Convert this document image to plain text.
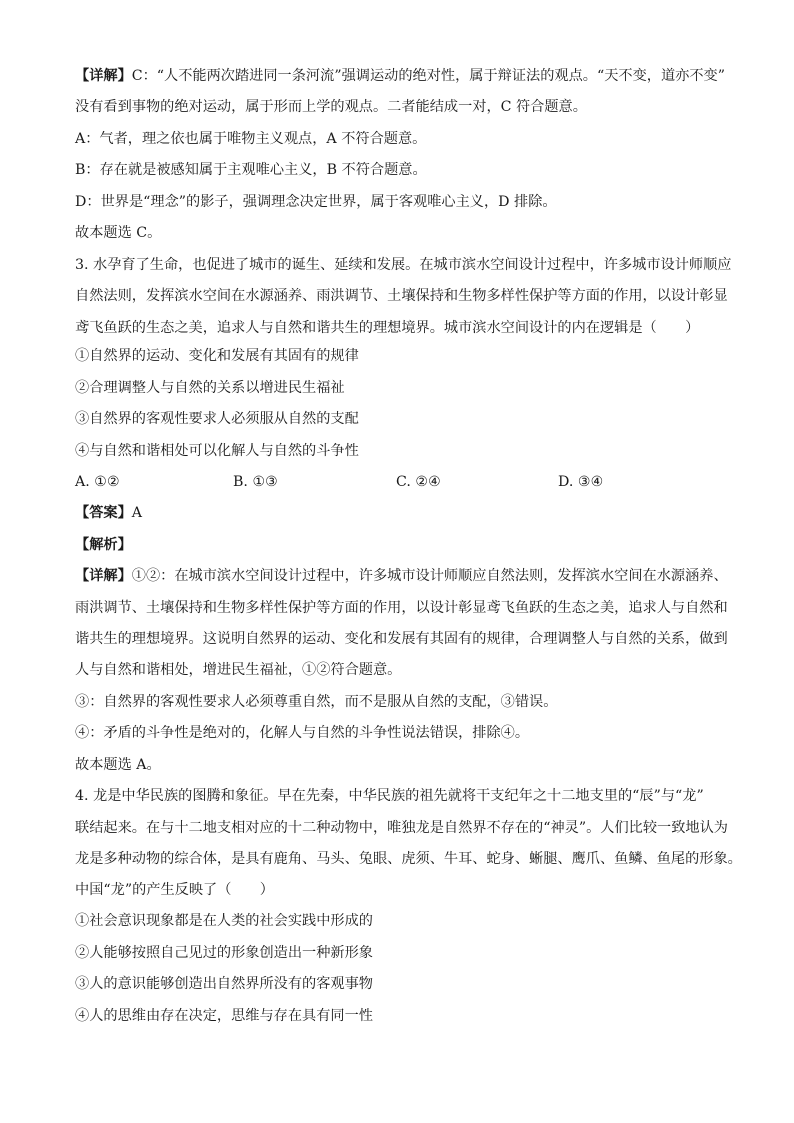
【详解】C：“人不能两次踏进同一条河流”强调运动的绝对性，属于辩证法的观点。“天不变，道亦不变”
没有看到事物的绝对运动，属于形而上学的观点。二者能结成一对，C 符合题意。
A：气者，理之依也属于唯物主义观点，A 不符合题意。
B：存在就是被感知属于主观唯心主义，B 不符合题意。
D：世界是“理念”的影子，强调理念决定世界，属于客观唯心主义，D 排除。
故本题选 C。
3. 水孕育了生命，也促进了城市的诞生、延续和发展。在城市滨水空间设计过程中，许多城市设计师顺应
自然法则，发挥滨水空间在水源涵养、雨洪调节、土壤保持和生物多样性保护等方面的作用，以设计彰显
鸢飞鱼跃的生态之美，追求人与自然和谐共生的理想境界。城市滨水空间设计的内在逻辑是（　　）
①自然界的运动、变化和发展有其固有的规律
②合理调整人与自然的关系以增进民生福祉
③自然界的客观性要求人必须服从自然的支配
④与自然和谐相处可以化解人与自然的斗争性
A. ①②	B. ①③	C. ②④	D. ③④
【答案】A
【解析】
【详解】①②：在城市滨水空间设计过程中，许多城市设计师顺应自然法则，发挥滨水空间在水源涵养、
雨洪调节、土壤保持和生物多样性保护等方面的作用，以设计彰显鸢飞鱼跃的生态之美，追求人与自然和
谐共生的理想境界。这说明自然界的运动、变化和发展有其固有的规律，合理调整人与自然的关系，做到
人与自然和谐相处，增进民生福祉，①②符合题意。
③：自然界的客观性要求人必须尊重自然，而不是服从自然的支配，③错误。
④：矛盾的斗争性是绝对的，化解人与自然的斗争性说法错误，排除④。
故本题选 A。
4. 龙是中华民族的图腾和象征。早在先秦，中华民族的祖先就将干支纪年之十二地支里的“辰”与“龙”
联结起来。在与十二地支相对应的十二种动物中，唯独龙是自然界不存在的“神灵”。人们比较一致地认为
龙是多种动物的综合体，是具有鹿角、马头、兔眼、虎须、牛耳、蛇身、蜥腿、鹰爪、鱼鳞、鱼尾的形象。
中国“龙”的产生反映了（　　）
①社会意识现象都是在人类的社会实践中形成的
②人能够按照自己见过的形象创造出一种新形象
③人的意识能够创造出自然界所没有的客观事物
④人的思维由存在决定，思维与存在具有同一性
